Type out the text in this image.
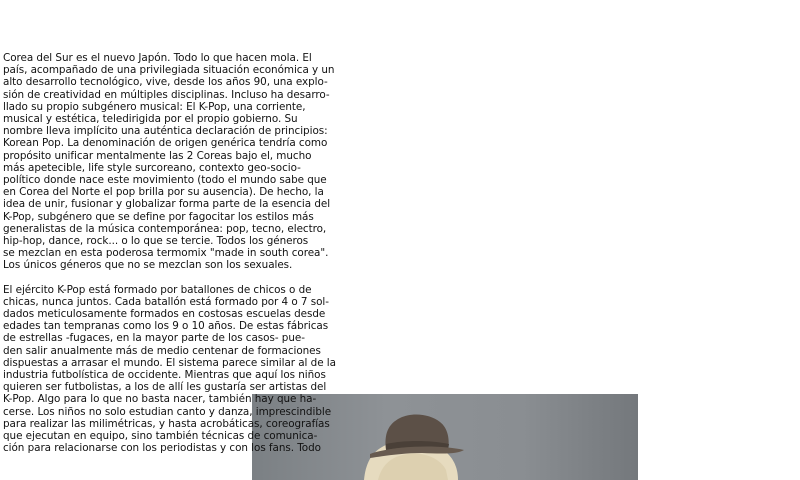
Corea del Sur es el nuevo Japón. Todo lo que hacen mola. El
país, acompañado de una privilegiada situación económica y un
alto desarrollo tecnológico, vive, desde los años 90, una explo-
sión de creatividad en múltiples disciplinas. Incluso ha desarro-
llado su propio subgénero musical: El K-Pop, una corriente,
musical y estética, teledirigida por el propio gobierno. Su
nombre lleva implícito una auténtica declaración de principios:
Korean Pop. La denominación de origen genérica tendría como
propósito unificar mentalmente las 2 Coreas bajo el, mucho
más apetecible, life style surcoreano, contexto geo-socio-
político donde nace este movimiento (todo el mundo sabe que
en Corea del Norte el pop brilla por su ausencia). De hecho, la
idea de unir, fusionar y globalizar forma parte de la esencia del
K-Pop, subgénero que se define por fagocitar los estilos más
generalistas de la música contemporánea: pop, tecno, electro,
hip-hop, dance, rock... o lo que se tercie. Todos los géneros
se mezclan en esta poderosa termomix "made in south corea".
Los únicos géneros que no se mezclan son los sexuales.

El ejército K-Pop está formado por batallones de chicos o de
chicas, nunca juntos. Cada batallón está formado por 4 o 7 sol-
dados meticulosamente formados en costosas escuelas desde
edades tan tempranas como los 9 o 10 años. De estas fábricas
de estrellas -fugaces, en la mayor parte de los casos- pue-
den salir anualmente más de medio centenar de formaciones
dispuestas a arrasar el mundo. El sistema parece similar al de la
industria futbolística de occidente. Mientras que aquí los niños
quieren ser futbolistas, a los de allí les gustaría ser artistas del
K-Pop. Algo para lo que no basta nacer, también hay que ha-
cerse. Los niños no solo estudian canto y danza, imprescindible
para realizar las milimétricas, y hasta acrobáticas, coreografías
que ejecutan en equipo, sino también técnicas de comunica-
ción para relacionarse con los periodistas y con los fans. Todo
